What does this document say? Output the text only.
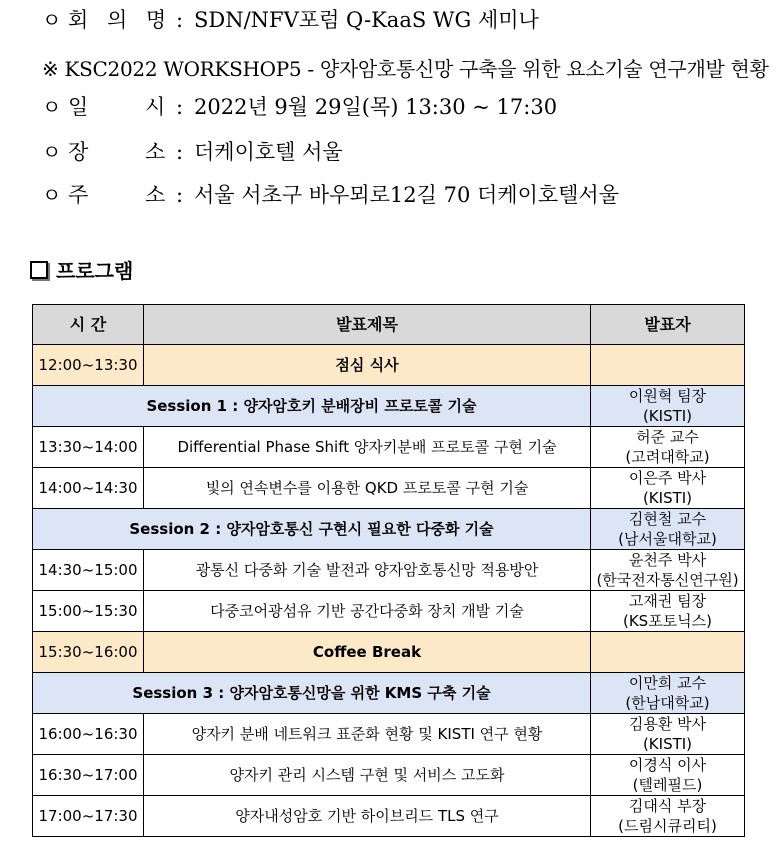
ㅇ 회 의 명 : SDN/NFV포럼 Q-KaaS WG 세미나
※ KSC2022 WORKSHOP5 - 양자암호통신망 구축을 위한 요소기술 연구개발 현황
ㅇ 일 시 : 2022년 9월 29일(목) 13:30 ~ 17:30
ㅇ 장 소 : 더케이호텔 서울
ㅇ 주 소 : 서울 서초구 바우뫼로12길 70 더케이호텔서울
프로그램
시 간	발표제목	발표자
12:00~13:30	점심 식사	
Session 1 : 양자암호키 분배장비 프로토콜 기술		이원혁 팀장
(KISTI)

13:30~14:00	Differential Phase Shift 양자키분배 프로토콜 구현 기술	허준 교수
(고려대학교)

14:00~14:30	빛의 연속변수를 이용한 QKD 프로토콜 구현 기술	이은주 박사
(KISTI)

Session 2 : 양자암호통신 구현시 필요한 다중화 기술		김현철 교수
(남서울대학교)

14:30~15:00	광통신 다중화 기술 발전과 양자암호통신망 적용방안	윤천주 박사
(한국전자통신연구원)

15:00~15:30	다중코어광섬유 기반 공간다중화 장치 개발 기술	고재권 팀장
(KS포토닉스)

15:30~16:00	Coffee Break	
Session 3 : 양자암호통신망을 위한 KMS 구축 기술		이만희 교수
(한남대학교)

16:00~16:30	양자키 분배 네트워크 표준화 현황 및 KISTI 연구 현황	김용환 박사
(KISTI)

16:30~17:00	양자키 관리 시스템 구현 및 서비스 고도화	이경식 이사
(텔레필드)

17:00~17:30	양자내성암호 기반 하이브리드 TLS 연구	김대식 부장
(드림시큐리티)
